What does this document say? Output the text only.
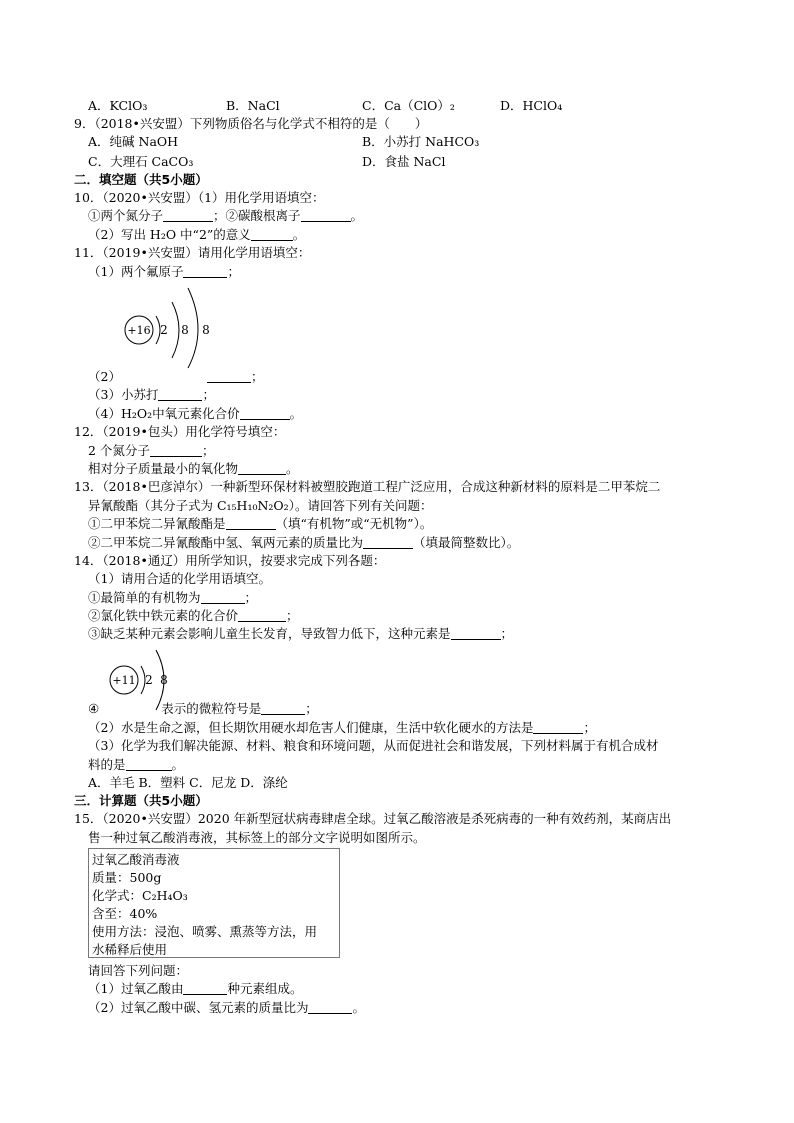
A．KClO₃	B．NaCl	C．Ca（ClO）₂	D．HClO₄
9．（2018•兴安盟）下列物质俗名与化学式不相符的是（　　）
A．纯碱 NaOH	B．小苏打 NaHCO₃
C．大理石 CaCO₃	D．食盐 NaCl
二．填空题（共5小题）
10．（2020•兴安盟）（1）用化学用语填空：
①两个氮分子	；②碳酸根离子	。
（2）写出 H₂O 中“2”的意义	。
11．（2019•兴安盟）请用化学用语填空：
（1）两个氟原子	；
+16 2 8 8
（2）	；
（3）小苏打	；
（4）H₂O₂中氧元素化合价	。
12．（2019•包头）用化学符号填空：
2 个氮分子	；
相对分子质量最小的氧化物	。
13．（2018•巴彦淖尔）一种新型环保材料被塑胶跑道工程广泛应用，合成这种新材料的原料是二甲苯烷二
异氰酸酯（其分子式为 C₁₅H₁₀N₂O₂）。请回答下列有关问题：
①二甲苯烷二异氰酸酯是	（填“有机物”或“无机物”）。
②二甲苯烷二异氰酸酯中氢、氧两元素的质量比为	（填最简整数比）。
14．（2018•通辽）用所学知识，按要求完成下列各题：
（1）请用合适的化学用语填空。
①最简单的有机物为	；
②氯化铁中铁元素的化合价	；
③缺乏某种元素会影响儿童生长发育，导致智力低下，这种元素是	；
+11 2 8
④	表示的微粒符号是	；
（2）水是生命之源，但长期饮用硬水却危害人们健康，生活中软化硬水的方法是	；
（3）化学为我们解决能源、材料、粮食和环境问题，从而促进社会和谐发展，下列材料属于有机合成材
料的是	。
A．羊毛 B．塑料 C．尼龙 D．涤纶
三．计算题（共5小题）
15．（2020•兴安盟）2020 年新型冠状病毒肆虐全球。过氧乙酸溶液是杀死病毒的一种有效药剂，某商店出
售一种过氧乙酸消毒液，其标签上的部分文字说明如图所示。
过氧乙酸消毒液
质量：500g
化学式：C₂H₄O₃
含至：40%
使用方法：浸泡、喷雾、熏蒸等方法，用
水稀释后使用
请回答下列问题：
（1）过氧乙酸由	种元素组成。
（2）过氧乙酸中碳、氢元素的质量比为	。
